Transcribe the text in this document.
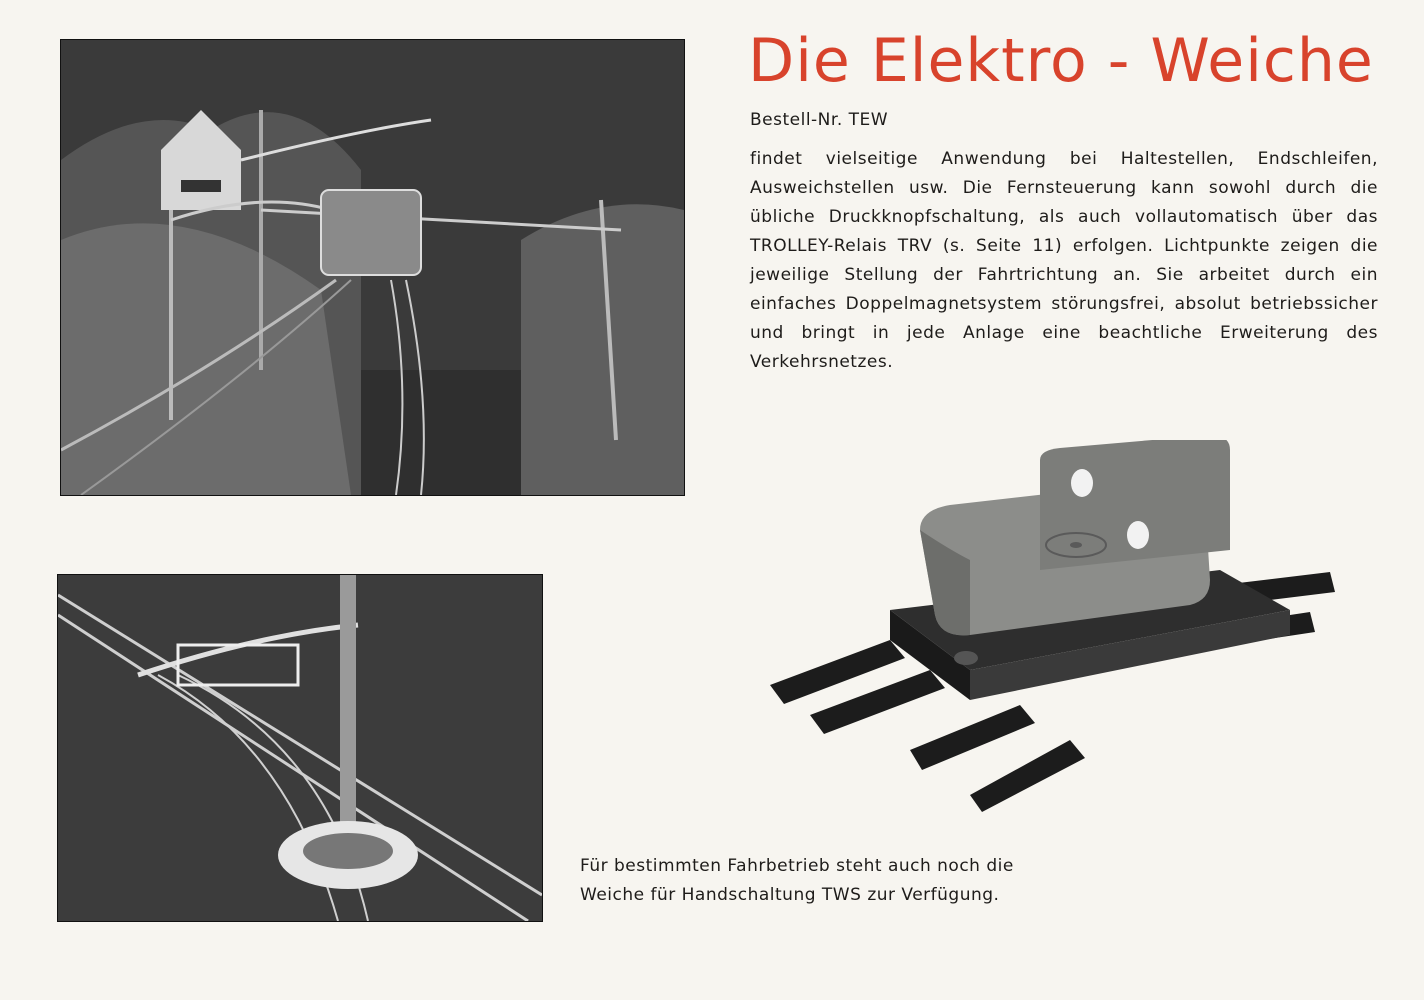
Die Elektro - Weiche

Bestell-Nr. TEW

findet vielseitige Anwendung bei Haltestellen, Endschleifen, Ausweichstellen usw. Die Fernsteuerung kann sowohl durch die übliche Druckknopfschaltung, als auch vollautomatisch über das TROLLEY-Relais TRV (s. Seite 11) erfolgen. Lichtpunkte zeigen die jeweilige Stellung der Fahrtrichtung an. Sie arbeitet durch ein einfaches Doppelmagnetsystem störungsfrei, absolut betriebssicher und bringt in jede Anlage eine beachtliche Erweiterung des Verkehrsnetzes.

Für bestimmten Fahrbetrieb steht auch noch die Weiche für Handschaltung TWS zur Verfügung.
